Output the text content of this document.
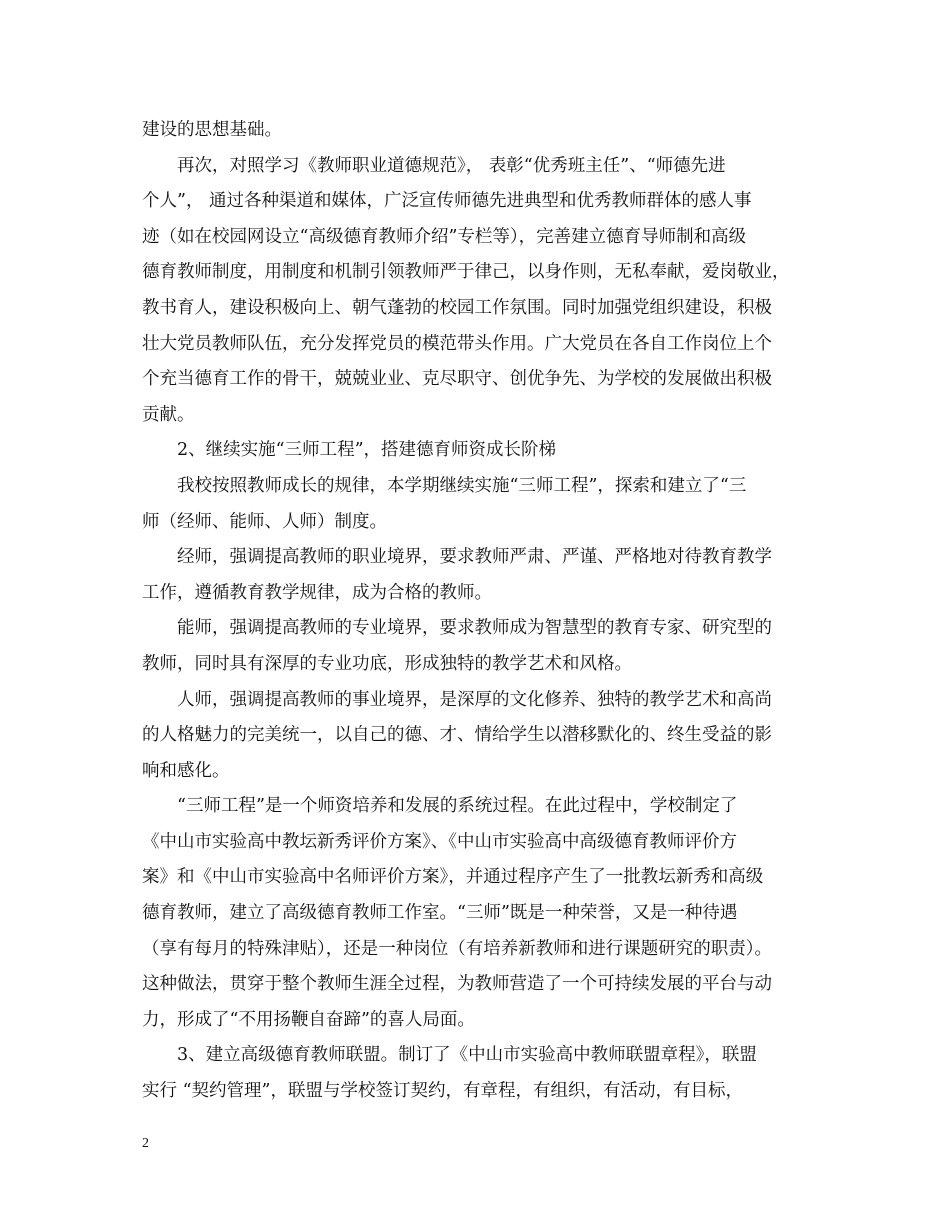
建设的思想基础。
再次，对照学习《教师职业道德规范》， 表彰“优秀班主任”、“师德先进
个人”， 通过各种渠道和媒体，广泛宣传师德先进典型和优秀教师群体的感人事
迹（如在校园网设立“高级德育教师介绍”专栏等），完善建立德育导师制和高级
德育教师制度，用制度和机制引领教师严于律己，以身作则，无私奉献，爱岗敬业，
教书育人，建设积极向上、朝气蓬勃的校园工作氛围。同时加强党组织建设，积极
壮大党员教师队伍，充分发挥党员的模范带头作用。广大党员在各自工作岗位上个
个充当德育工作的骨干，兢兢业业、克尽职守、创优争先、为学校的发展做出积极
贡献。
2、继续实施“三师工程”，搭建德育师资成长阶梯
我校按照教师成长的规律，本学期继续实施“三师工程”，探索和建立了“三
师（经师、能师、人师）制度。
经师，强调提高教师的职业境界，要求教师严肃、严谨、严格地对待教育教学
工作，遵循教育教学规律，成为合格的教师。
能师，强调提高教师的专业境界，要求教师成为智慧型的教育专家、研究型的
教师，同时具有深厚的专业功底，形成独特的教学艺术和风格。
人师，强调提高教师的事业境界，是深厚的文化修养、独特的教学艺术和高尚
的人格魅力的完美统一，以自己的德、才、情给学生以潜移默化的、终生受益的影
响和感化。
“三师工程”是一个师资培养和发展的系统过程。在此过程中，学校制定了
《中山市实验高中教坛新秀评价方案》、《中山市实验高中高级德育教师评价方
案》和《中山市实验高中名师评价方案》，并通过程序产生了一批教坛新秀和高级
德育教师，建立了高级德育教师工作室。“三师”既是一种荣誉，又是一种待遇
（享有每月的特殊津贴），还是一种岗位（有培养新教师和进行课题研究的职责）。
这种做法，贯穿于整个教师生涯全过程，为教师营造了一个可持续发展的平台与动
力，形成了“不用扬鞭自奋蹄”的喜人局面。
3、建立高级德育教师联盟。制订了《中山市实验高中教师联盟章程》，联盟
实行 “契约管理”，联盟与学校签订契约，有章程，有组织，有活动，有目标，
2
